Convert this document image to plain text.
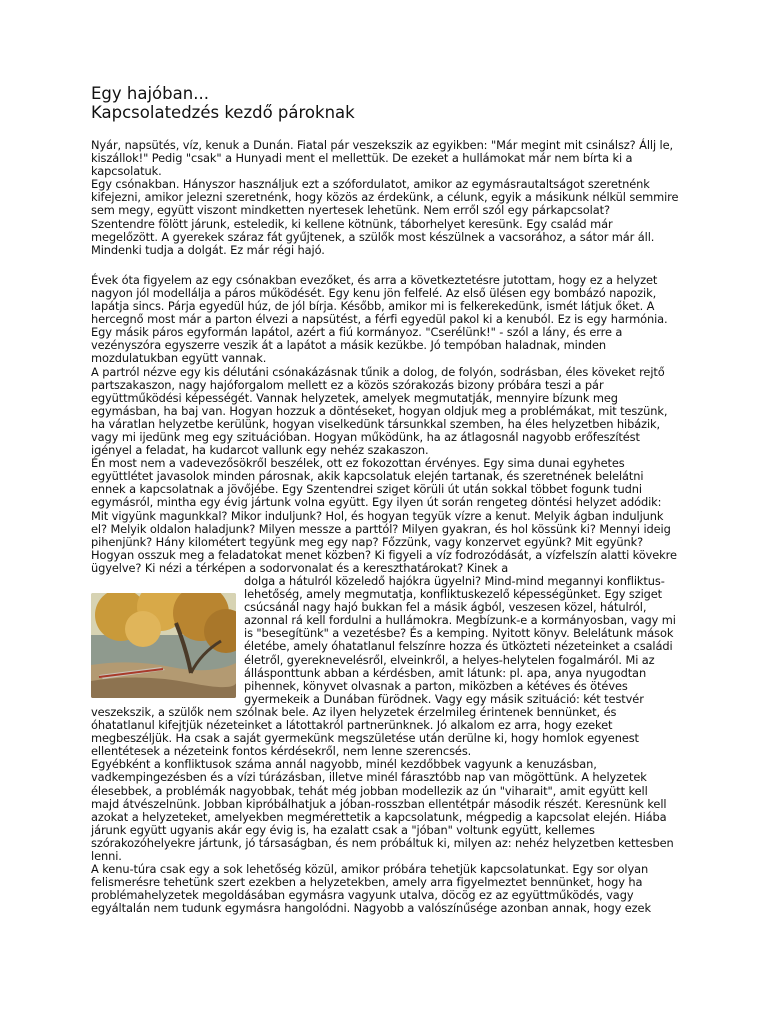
Egy hajóban...
Kapcsolatedzés kezdő pároknak

Nyár, napsütés, víz, kenuk a Dunán. Fiatal pár veszekszik az egyikben: "Már megint mit csinálsz? Állj le, kiszállok!" Pedig "csak" a Hunyadi ment el mellettük. De ezeket a hullámokat már nem bírta ki a kapcsolatuk.

Egy csónakban. Hányszor használjuk ezt a szófordulatot, amikor az egymásrautaltságot szeretnénk kifejezni, amikor jelezni szeretnénk, hogy közös az érdekünk, a célunk, egyik a másikunk nélkül semmire sem megy, együtt viszont mindketten nyertesek lehetünk. Nem erről szól egy párkapcsolat?

Szentendre fölött járunk, esteledik, ki kellene kötnünk, táborhelyet keresünk. Egy család már megelőzött. A gyerekek száraz fát gyűjtenek, a szülők most készülnek a vacsorához, a sátor már áll. Mindenki tudja a dolgát. Ez már régi hajó.

Évek óta figyelem az egy csónakban evezőket, és arra a következtetésre jutottam, hogy ez a helyzet nagyon jól modellálja a páros működését. Egy kenu jön felfelé. Az első ülésen egy bombázó napozik, lapátja sincs. Párja egyedül húz, de jól bírja. Később, amikor mi is felkerekedünk, ismét látjuk őket. A hercegnő most már a parton élvezi a napsütést, a férfi egyedül pakol ki a kenuból. Ez is egy harmónia.

Egy másik páros egyformán lapátol, azért a fiú kormányoz. "Cserélünk!" - szól a lány, és erre a vezényszóra egyszerre veszik át a lapátot a másik kezükbe. Jó tempóban haladnak, minden mozdulatukban együtt vannak.

A partról nézve egy kis délutáni csónakázásnak tűnik a dolog, de folyón, sodrásban, éles köveket rejtő partszakaszon, nagy hajóforgalom mellett ez a közös szórakozás bizony próbára teszi a pár együttműködési képességét. Vannak helyzetek, amelyek megmutatják, mennyire bízunk meg egymásban, ha baj van. Hogyan hozzuk a döntéseket, hogyan oldjuk meg a problémákat, mit teszünk, ha váratlan helyzetbe kerülünk, hogyan viselkedünk társunkkal szemben, ha éles helyzetben hibázik, vagy mi ijedünk meg egy szituációban. Hogyan működünk, ha az átlagosnál nagyobb erőfeszítést igényel a feladat, ha kudarcot vallunk egy nehéz szakaszon.

Én most nem a vadevezősökről beszélek, ott ez fokozottan érvényes. Egy sima dunai egyhetes együttlétet javasolok minden párosnak, akik kapcsolatuk elején tartanak, és szeretnének belelátni ennek a kapcsolatnak a jövőjébe. Egy Szentendrei sziget körüli út után sokkal többet fogunk tudni egymásról, mintha egy évig jártunk volna együtt. Egy ilyen út során rengeteg döntési helyzet adódik: Mit vigyünk magunkkal? Mikor induljunk? Hol, és hogyan tegyük vízre a kenut. Melyik ágban induljunk el? Melyik oldalon haladjunk? Milyen messze a parttól? Milyen gyakran, és hol kössünk ki? Mennyi ideig pihenjünk? Hány kilométert tegyünk meg egy nap? Főzzünk, vagy konzervet együnk? Mit együnk? Hogyan osszuk meg a feladatokat menet közben? Ki figyeli a víz fodrozódását, a vízfelszín alatti kövekre ügyelve? Ki nézi a térképen a sodorvonalat és a kereszthatárokat? Kinek a

dolga a hátulról közeledő hajókra ügyelni? Mind-mind megannyi konfliktus-lehetőség, amely megmutatja, konfliktuskezelő képességünket. Egy sziget csúcsánál nagy hajó bukkan fel a másik ágból, veszesen közel, hátulról, azonnal rá kell fordulni a hullámokra. Megbízunk-e a kormányosban, vagy mi is "besegítünk" a vezetésbe? És a kemping. Nyitott könyv. Belelátunk mások életébe, amely óhatatlanul felszínre hozza és ütközteti nézeteinket a családi életről, gyereknevelésről, elveinkről, a helyes-helytelen fogalmáról. Mi az állásponttunk abban a kérdésben, amit látunk: pl. apa, anya nyugodtan pihennek, könyvet olvasnak a parton, miközben a kétéves és ötéves gyermekeik a Dunában fürödnek. Vagy egy másik szituáció: két testvér veszekszik, a szülők nem szólnak bele. Az ilyen helyzetek érzelmileg érintenek bennünket, és óhatatlanul kifejtjük nézeteinket a látottakról partnerünknek. Jó alkalom ez arra, hogy ezeket megbeszéljük. Ha csak a saját gyermekünk megszületése után derülne ki, hogy homlok egyenest ellentétesek a nézeteink fontos kérdésekről, nem lenne szerencsés.

Egyébként a konfliktusok száma annál nagyobb, minél kezdőbbek vagyunk a kenuzásban, vadkempingezésben és a vízi túrázásban, illetve minél fárasztóbb nap van mögöttünk. A helyzetek élesebbek, a problémák nagyobbak, tehát még jobban modellezik az ún "viharait", amit együtt kell majd átvészelnünk. Jobban kipróbálhatjuk a jóban-rosszban ellentétpár második részét. Keresnünk kell azokat a helyzeteket, amelyekben megmérettetik a kapcsolatunk, mégpedig a kapcsolat elején. Hiába járunk együtt ugyanis akár egy évig is, ha ezalatt csak a "jóban" voltunk együtt, kellemes szórakozóhelyekre jártunk, jó társaságban, és nem próbáltuk ki, milyen az: nehéz helyzetben kettesben lenni.

A kenu-túra csak egy a sok lehetőség közül, amikor próbára tehetjük kapcsolatunkat. Egy sor olyan felismerésre tehetünk szert ezekben a helyzetekben, amely arra figyelmeztet bennünket, hogy ha problémahelyzetek megoldásában egymásra vagyunk utalva, döcög ez az együttműködés, vagy egyáltalán nem tudunk egymásra hangolódni. Nagyobb a valószínűsége azonban annak, hogy ezek
